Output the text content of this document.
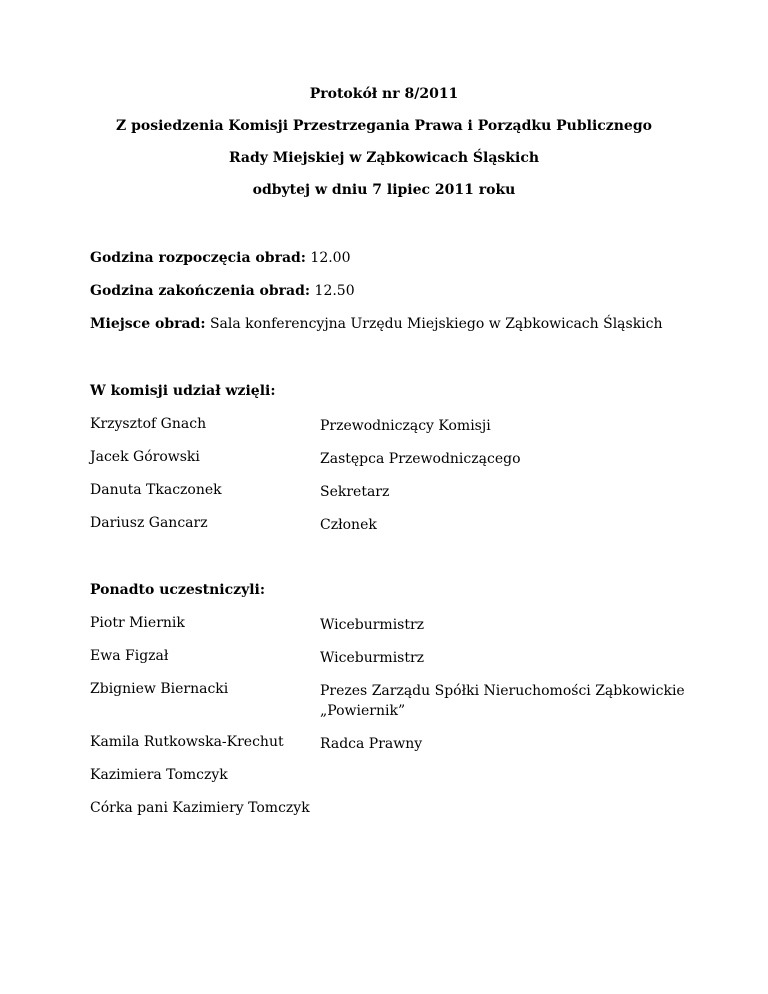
Protokół nr 8/2011
Z posiedzenia Komisji Przestrzegania Prawa i Porządku Publicznego
Rady Miejskiej w Ząbkowicach Śląskich
odbytej w dniu 7 lipiec 2011 roku
Godzina rozpoczęcia obrad: 12.00
Godzina zakończenia obrad: 12.50
Miejsce obrad: Sala konferencyjna Urzędu Miejskiego w Ząbkowicach Śląskich
W komisji udział wzięli:
Krzysztof Gnach	Przewodniczący Komisji
Jacek Górowski	Zastępca Przewodniczącego
Danuta Tkaczonek	Sekretarz
Dariusz Gancarz	Członek
Ponadto uczestniczyli:
Piotr Miernik	Wiceburmistrz
Ewa Figzał	Wiceburmistrz
Zbigniew Biernacki	Prezes Zarządu Spółki Nieruchomości Ząbkowickie „Powiernik”
Kamila Rutkowska-Krechut	Radca Prawny
Kazimiera Tomczyk
Córka pani Kazimiery Tomczyk
